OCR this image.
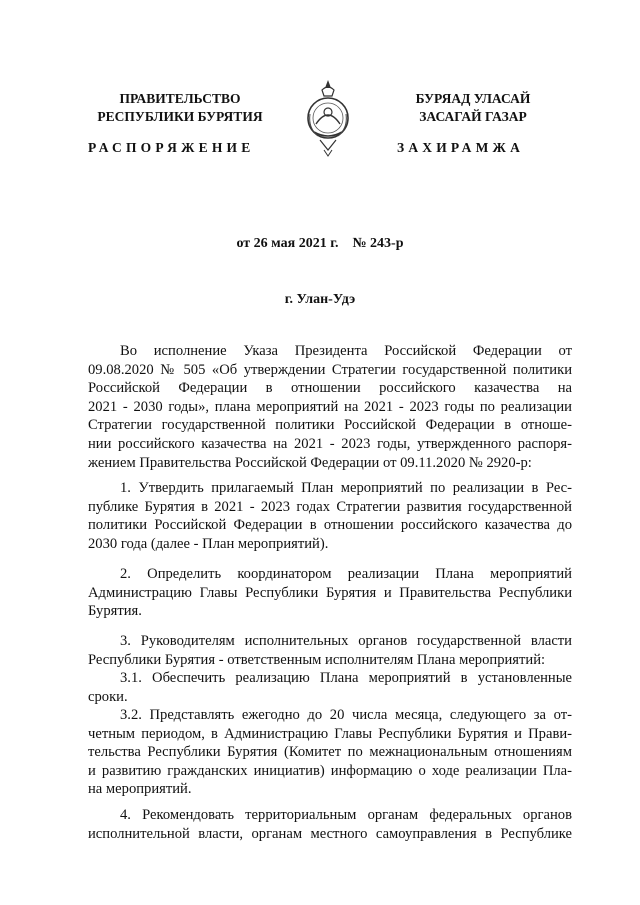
ПРАВИТЕЛЬСТВО
РЕСПУБЛИКИ БУРЯТИЯ
БУРЯАД УЛАСАЙ
ЗАСАГАЙ ГАЗАР
РАСПОРЯЖЕНИЕ	ЗАХИРАМЖА
от 26 мая 2021 г.    № 243-р
г. Улан-Удэ
Во исполнение Указа Президента Российской Федерации от
09.08.2020 № 505 «Об утверждении Стратегии государственной политики
Российской Федерации в отношении российского казачества на
2021 - 2030 годы», плана мероприятий на 2021 - 2023 годы по реализации
Стратегии государственной политики Российской Федерации в отноше-
нии российского казачества на 2021 - 2023 годы, утвержденного распоря-
жением Правительства Российской Федерации от 09.11.2020 № 2920-р:
1. Утвердить прилагаемый План мероприятий по реализации в Рес-
публике Бурятия в 2021 - 2023 годах Стратегии развития государственной
политики Российской Федерации в отношении российского казачества до
2030 года (далее - План мероприятий).
2. Определить координатором реализации Плана мероприятий
Администрацию Главы Республики Бурятия и Правительства Республики
Бурятия.
3. Руководителям исполнительных органов государственной власти
Республики Бурятия - ответственным исполнителям Плана мероприятий:
3.1. Обеспечить реализацию Плана мероприятий в установленные
сроки.
3.2. Представлять ежегодно до 20 числа месяца, следующего за от-
четным периодом, в Администрацию Главы Республики Бурятия и Прави-
тельства Республики Бурятия (Комитет по межнациональным отношениям
и развитию гражданских инициатив) информацию о ходе реализации Пла-
на мероприятий.
4. Рекомендовать территориальным органам федеральных органов
исполнительной власти, органам местного самоуправления в Республике
